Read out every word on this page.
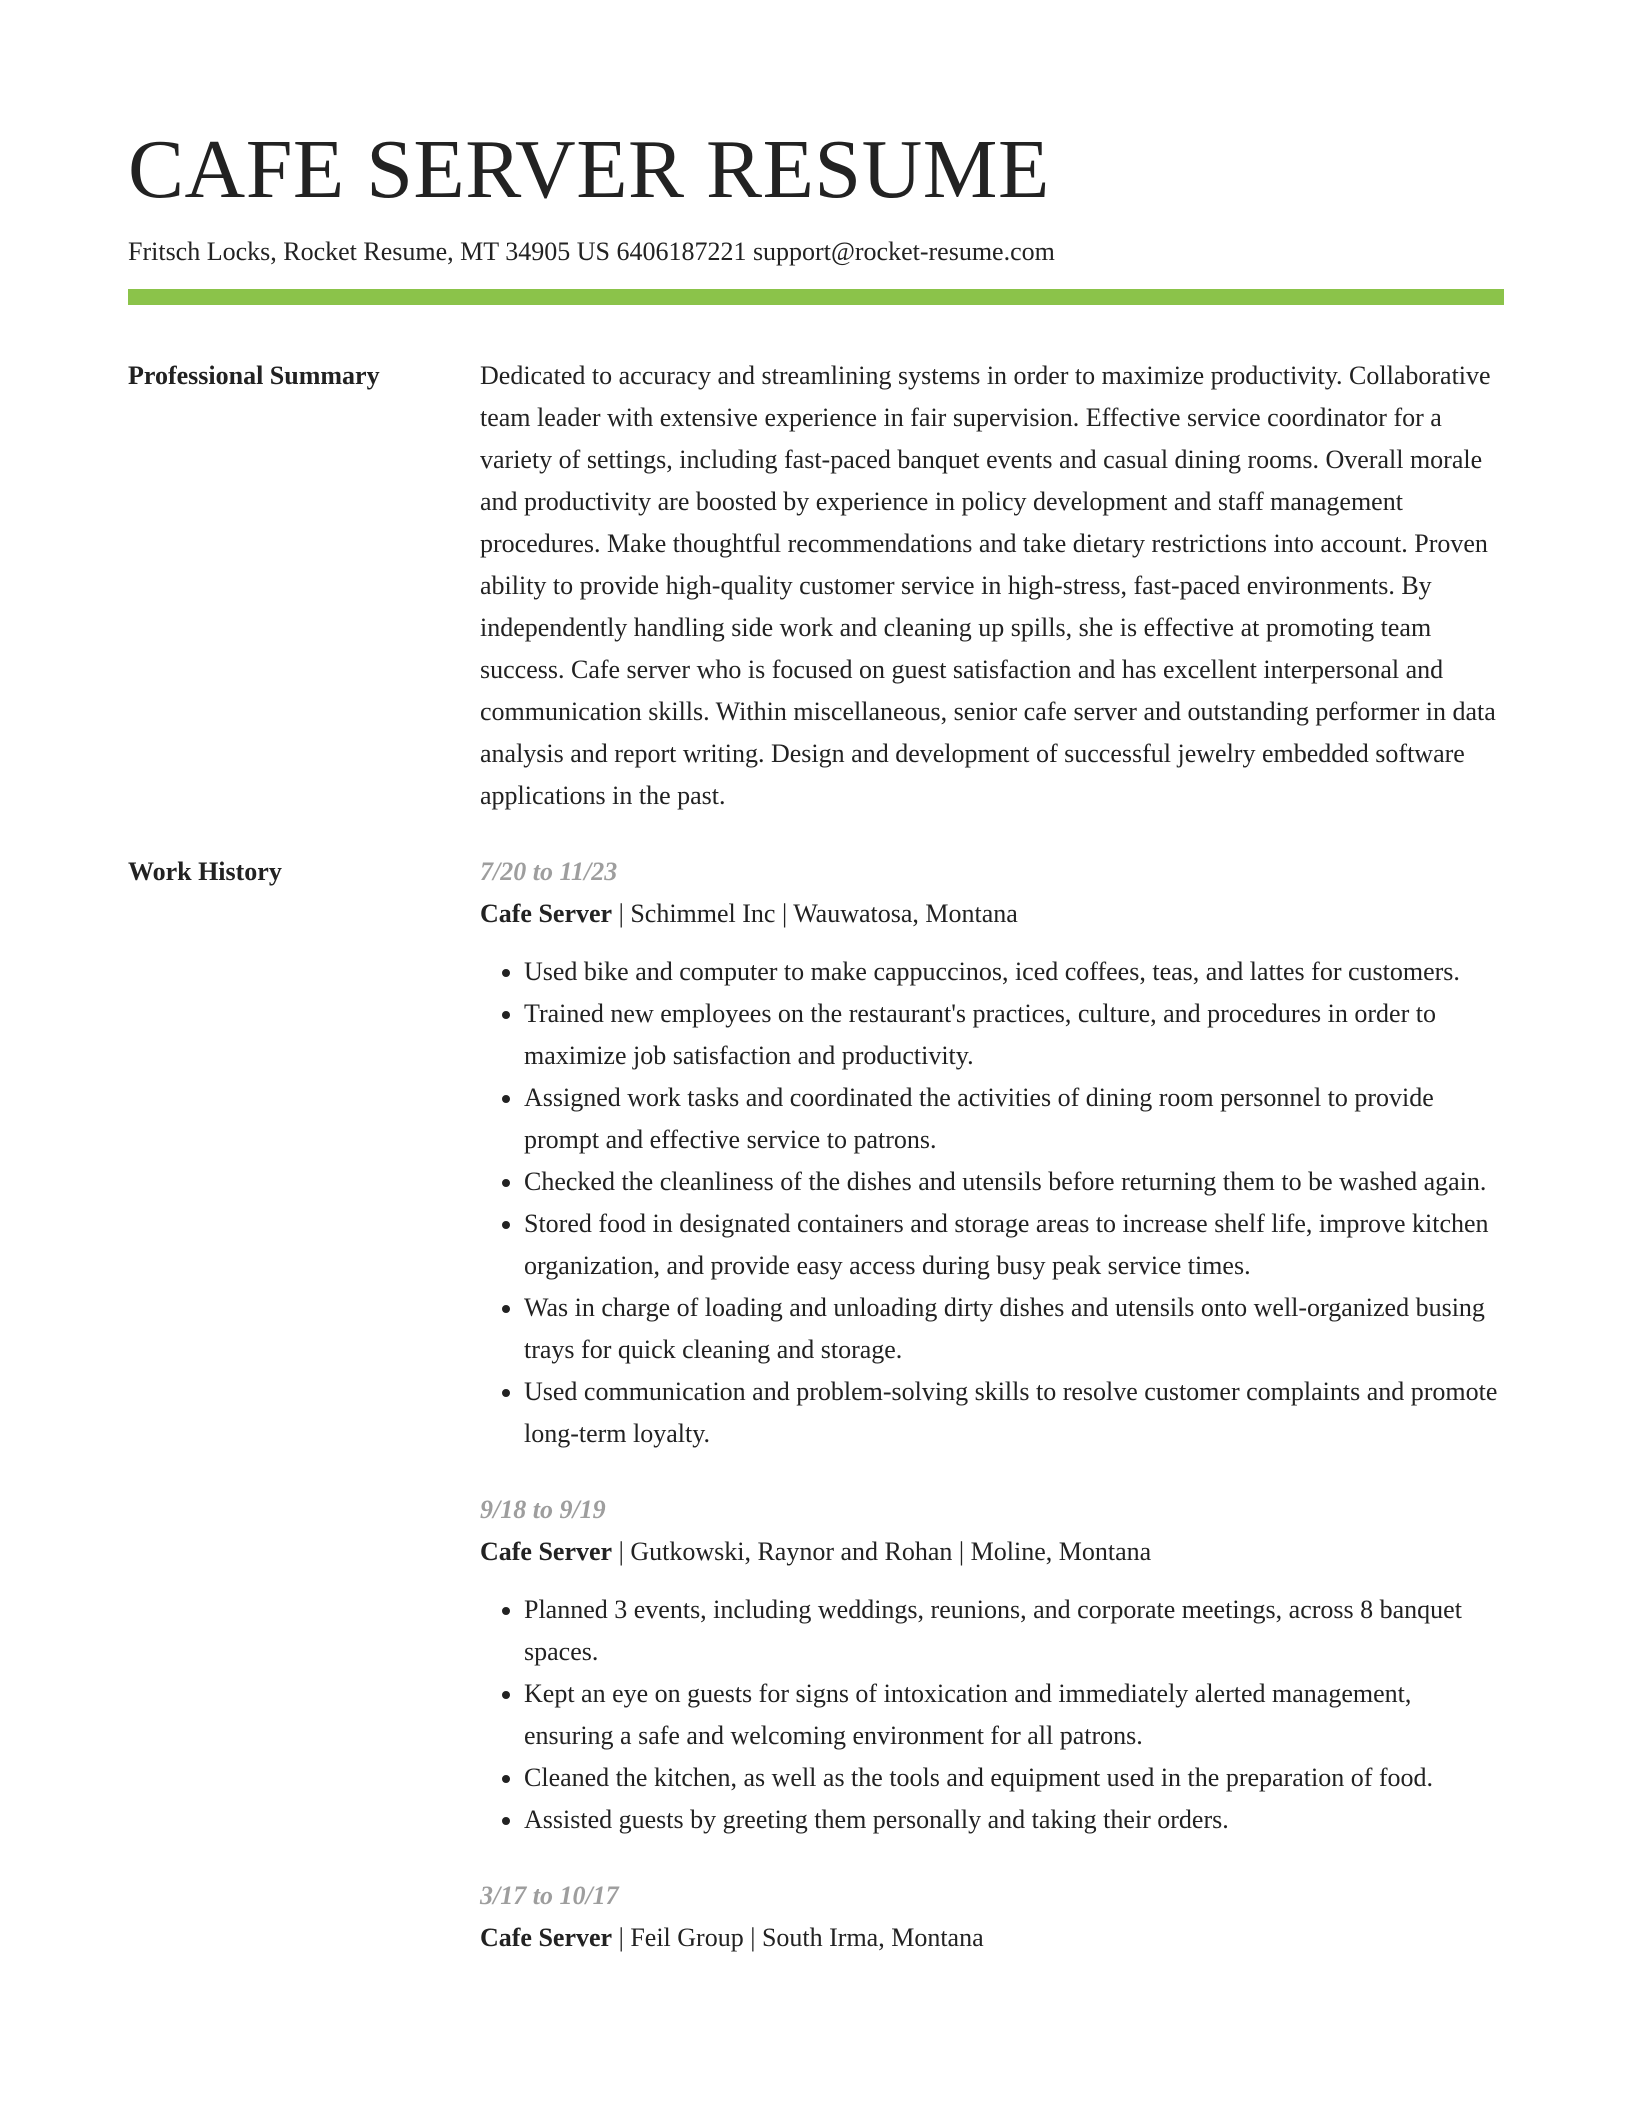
CAFE SERVER RESUME
Fritsch Locks, Rocket Resume, MT 34905 US 6406187221 support@rocket-resume.com
Professional Summary	Dedicated to accuracy and streamlining systems in order to maximize productivity. Collaborative team leader with extensive experience in fair supervision. Effective service coordinator for a variety of settings, including fast-paced banquet events and casual dining rooms. Overall morale and productivity are boosted by experience in policy development and staff management procedures. Make thoughtful recommendations and take dietary restrictions into account. Proven ability to provide high-quality customer service in high-stress, fast-paced environments. By independently handling side work and cleaning up spills, she is effective at promoting team success. Cafe server who is focused on guest satisfaction and has excellent interpersonal and communication skills. Within miscellaneous, senior cafe server and outstanding performer in data analysis and report writing. Design and development of successful jewelry embedded software applications in the past.

Work History	7/20 to 11/23
Cafe Server | Schimmel Inc | Wauwatosa, Montana
• Used bike and computer to make cappuccinos, iced coffees, teas, and lattes for customers.
• Trained new employees on the restaurant's practices, culture, and procedures in order to maximize job satisfaction and productivity.
• Assigned work tasks and coordinated the activities of dining room personnel to provide prompt and effective service to patrons.
• Checked the cleanliness of the dishes and utensils before returning them to be washed again.
• Stored food in designated containers and storage areas to increase shelf life, improve kitchen organization, and provide easy access during busy peak service times.
• Was in charge of loading and unloading dirty dishes and utensils onto well-organized busing trays for quick cleaning and storage.
• Used communication and problem-solving skills to resolve customer complaints and promote long-term loyalty.
9/18 to 9/19
Cafe Server | Gutkowski, Raynor and Rohan | Moline, Montana
• Planned 3 events, including weddings, reunions, and corporate meetings, across 8 banquet spaces.
• Kept an eye on guests for signs of intoxication and immediately alerted management, ensuring a safe and welcoming environment for all patrons.
• Cleaned the kitchen, as well as the tools and equipment used in the preparation of food.
• Assisted guests by greeting them personally and taking their orders.
3/17 to 10/17
Cafe Server | Feil Group | South Irma, Montana
